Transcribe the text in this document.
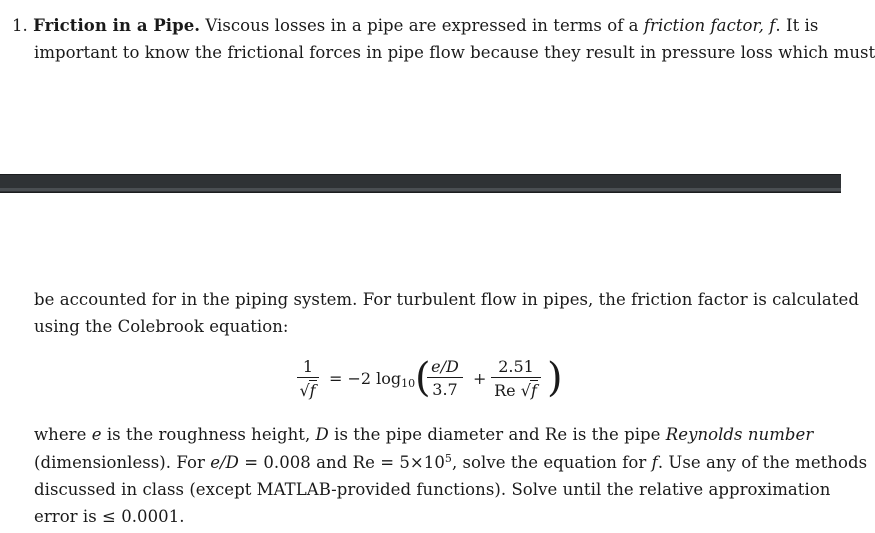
1. Friction in a Pipe. Viscous losses in a pipe are expressed in terms of a friction factor, f. It is
important to know the frictional forces in pipe flow because they result in pressure loss which must
be accounted for in the piping system. For turbulent flow in pipes, the friction factor is calculated
using the Colebrook equation:
1
√f
= −2 $\log_{10}$ ( e/D
3.7
+
2.51
Re √f )
where e is the roughness height, D is the pipe diameter and Re is the pipe Reynolds number
(dimensionless). For e/D = 0.008 and $Re = 5\times 10^5$, solve the equation for f. Use any of the methods
discussed in class (except MATLAB-provided functions). Solve until the relative approximation
error is ≤ 0.0001.
